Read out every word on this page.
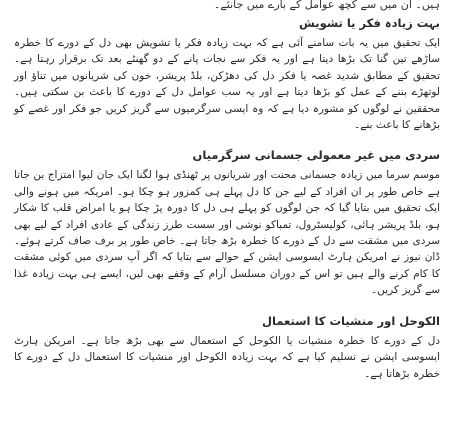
ہیں۔ ان میں سے کچھ عوامل کے بارے میں جانئے۔
بہت زیادہ فکر یا تشویش

ایک تحقیق میں یہ بات سامنے آئی ہے کہ بہت زیادہ فکر یا تشویش بھی دل کے دورے کا خطرہ ساڑھے تین گنا تک بڑھا دیتا ہے اور یہ فکر سے نجات پانے کے دو گھنٹے بعد تک برقرار رہتا ہے۔ تحقیق کے مطابق شدید غصہ یا فکر دل کی دھڑکن، بلڈ پریشر، خون کی شریانوں میں تناؤ اور لوتھڑے بننے کے عمل کو بڑھا دیتا ہے اور یہ سب عوامل دل کے دورے کا باعث بن سکتی ہیں۔ محققین نے لوگوں کو مشورہ دیا ہے کہ وہ ایسی سرگرمیوں سے گریز کریں جو فکر اور غصے کو بڑھانے کا باعث بنے۔

سردی میں غیر معمولی جسمانی سرگرمیاں

موسم سرما میں زیادہ جسمانی محنت اور شریانوں پر ٹھنڈی ہوا لگنا ایک جان لیوا امتزاج بن جاتا ہے خاص طور پر ان افراد کے لیے جن کا دل پہلے ہی کمزور ہو چکا ہو۔ امریکہ میں ہونے والی ایک تحقیق میں بتایا گیا کہ جن لوگوں کو پہلے ہی دل کا دورہ پڑ چکا ہو یا امراض قلب کا شکار ہو، بلڈ پریشر ہائی، کولیسٹرول، تمباکو نوشی اور سست طرز زندگی کے عادی افراد کے لیے بھی سردی میں مشقت سے دل کے دورے کا خطرہ بڑھ جاتا ہے۔ خاص طور پر برف صاف کرتے ہوئے۔ ڈان نیوز نے امریکن ہارٹ ایسوسی ایشن کے حوالے سے بتایا کہ اگر آپ سردی میں کوئی مشقت کا کام کرنے والے ہیں تو اس کے دوران مسلسل آرام کے وقفے بھی لیں، ایسے ہی بہت زیادہ غذا سے گریز کریں۔

الکوحل اور منشیات کا استعمال

دل کے دورے کا خطرہ منشیات یا الکوحل کے استعمال سے بھی بڑھ جاتا ہے۔ امریکن ہارٹ ایسوسی ایشن نے تسلیم کیا ہے کہ بہت زیادہ الکوحل اور منشیات کا استعمال دل کے دورے کا خطرہ بڑھاتا ہے۔
